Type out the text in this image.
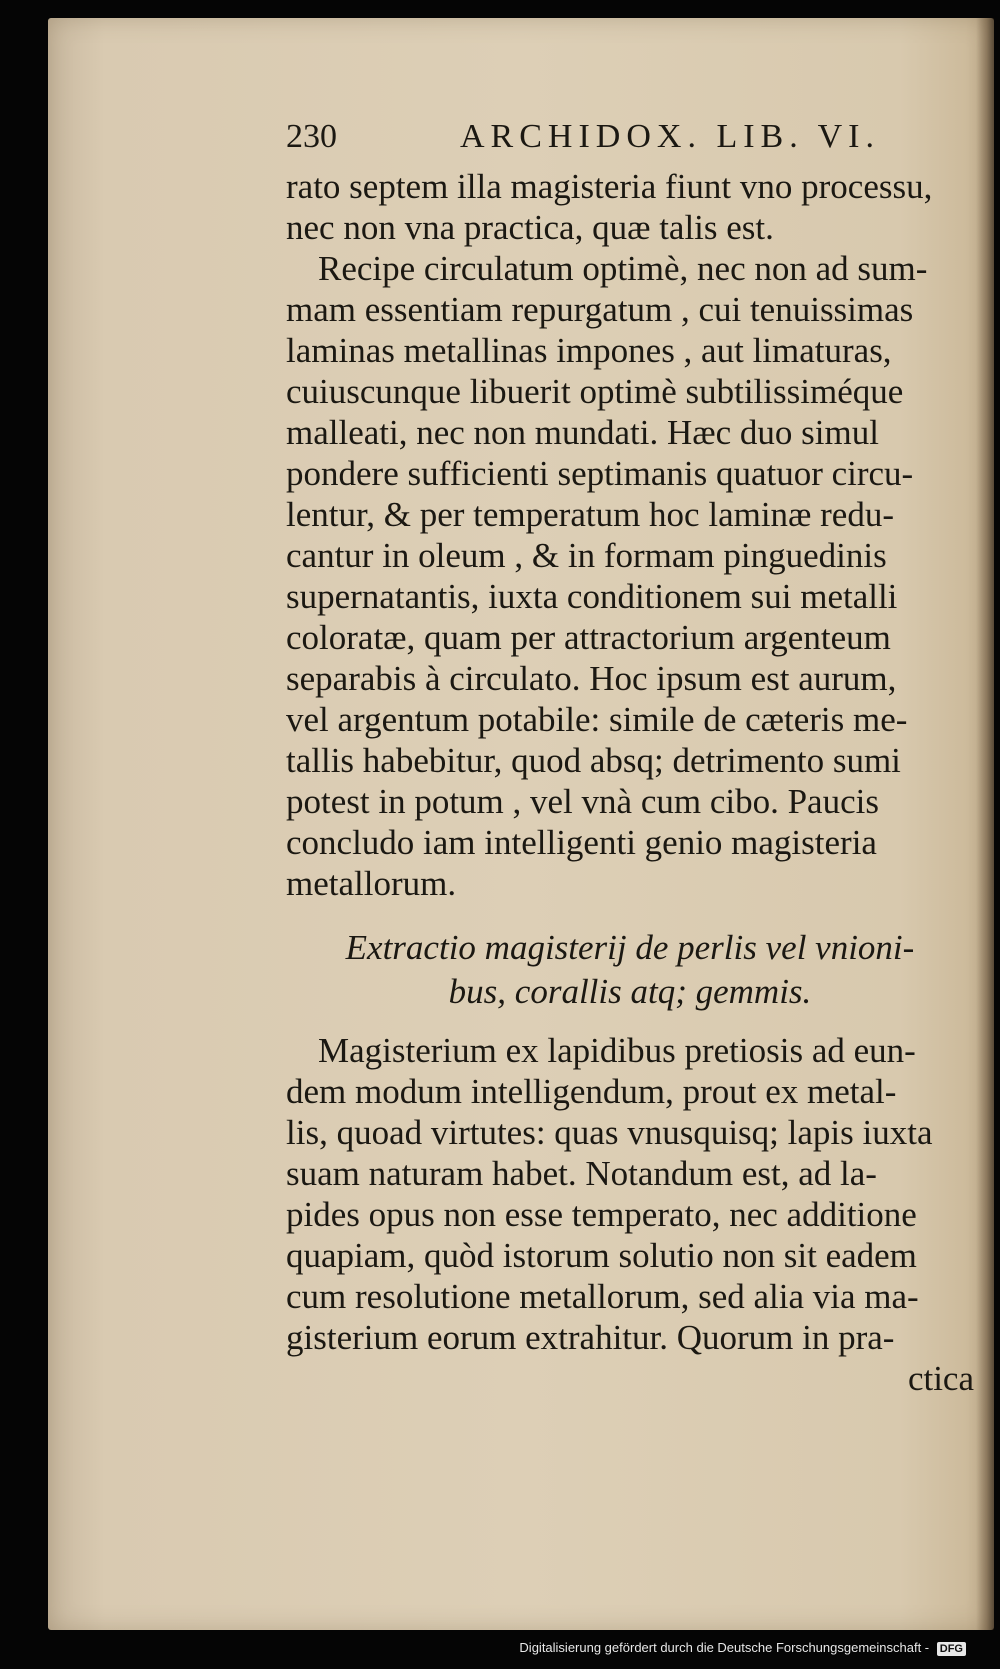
230	ARCHIDOX. LIB. VI.
rato septem illa magisteria fiunt vno processu,
nec non vna practica, quæ talis est.
Recipe circulatum optimè, nec non ad sum-
mam essentiam repurgatum , cui tenuissimas
laminas metallinas impones , aut limaturas,
cuiuscunque libuerit optimè subtilissiméque
malleati, nec non mundati. Hæc duo simul
pondere sufficienti septimanis quatuor circu-
lentur, & per temperatum hoc laminæ redu-
cantur in oleum , & in formam pinguedinis
supernatantis, iuxta conditionem sui metalli
coloratæ, quam per attractorium argenteum
separabis à circulato. Hoc ipsum est aurum,
vel argentum potabile: simile de cæteris me-
tallis habebitur, quod absq; detrimento sumi
potest in potum , vel vnà cum cibo. Paucis
concludo iam intelligenti genio magisteria
metallorum.
Extractio magisterij de perlis vel vnioni-
bus, corallis atq; gemmis.
Magisterium ex lapidibus pretiosis ad eun-
dem modum intelligendum, prout ex metal-
lis, quoad virtutes: quas vnusquisq; lapis iuxta
suam naturam habet. Notandum est, ad la-
pides opus non esse temperato, nec additione
quapiam, quòd istorum solutio non sit eadem
cum resolutione metallorum, sed alia via ma-
gisterium eorum extrahitur. Quorum in pra-
ctica
Digitalisierung gefördert durch die Deutsche Forschungsgemeinschaft - DFG
